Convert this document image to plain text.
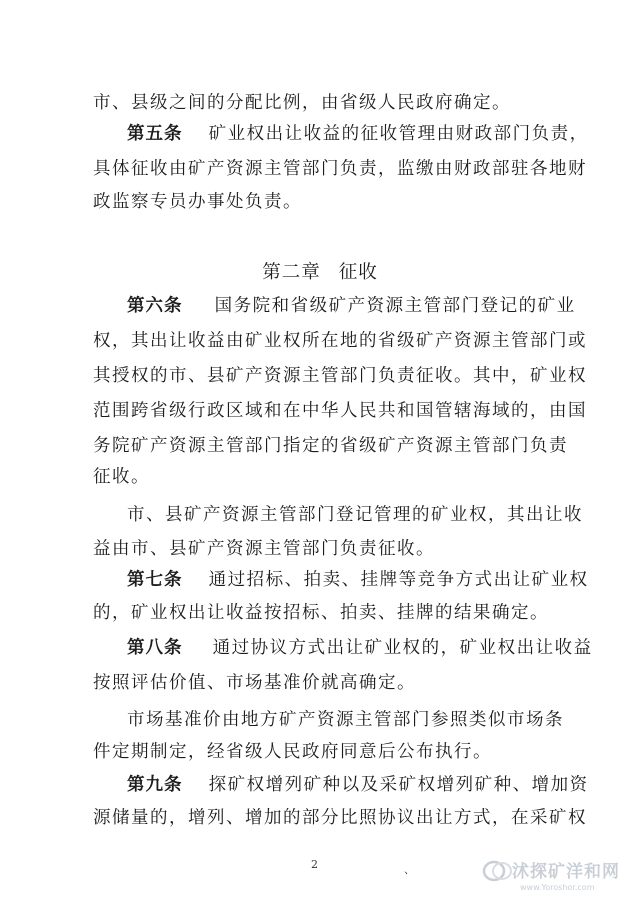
市、县级之间的分配比例，由省级人民政府确定。
第五条 矿业权出让收益的征收管理由财政部门负责，
具体征收由矿产资源主管部门负责，监缴由财政部驻各地财
政监察专员办事处负责。
第二章 征收
第六条 国务院和省级矿产资源主管部门登记的矿业
权，其出让收益由矿业权所在地的省级矿产资源主管部门或
其授权的市、县矿产资源主管部门负责征收。其中，矿业权
范围跨省级行政区域和在中华人民共和国管辖海域的，由国
务院矿产资源主管部门指定的省级矿产资源主管部门负责
征收。
市、县矿产资源主管部门登记管理的矿业权，其出让收
益由市、县矿产资源主管部门负责征收。
第七条 通过招标、拍卖、挂牌等竞争方式出让矿业权
的，矿业权出让收益按招标、拍卖、挂牌的结果确定。
第八条 通过协议方式出让矿业权的，矿业权出让收益
按照评估价值、市场基准价就高确定。
市场基准价由地方矿产资源主管部门参照类似市场条
件定期制定，经省级人民政府同意后公布执行。
第九条 探矿权增列矿种以及采矿权增列矿种、增加资
源储量的，增列、增加的部分比照协议出让方式，在采矿权
2	、	沭探矿洋和网
www.Yoroshor.com
